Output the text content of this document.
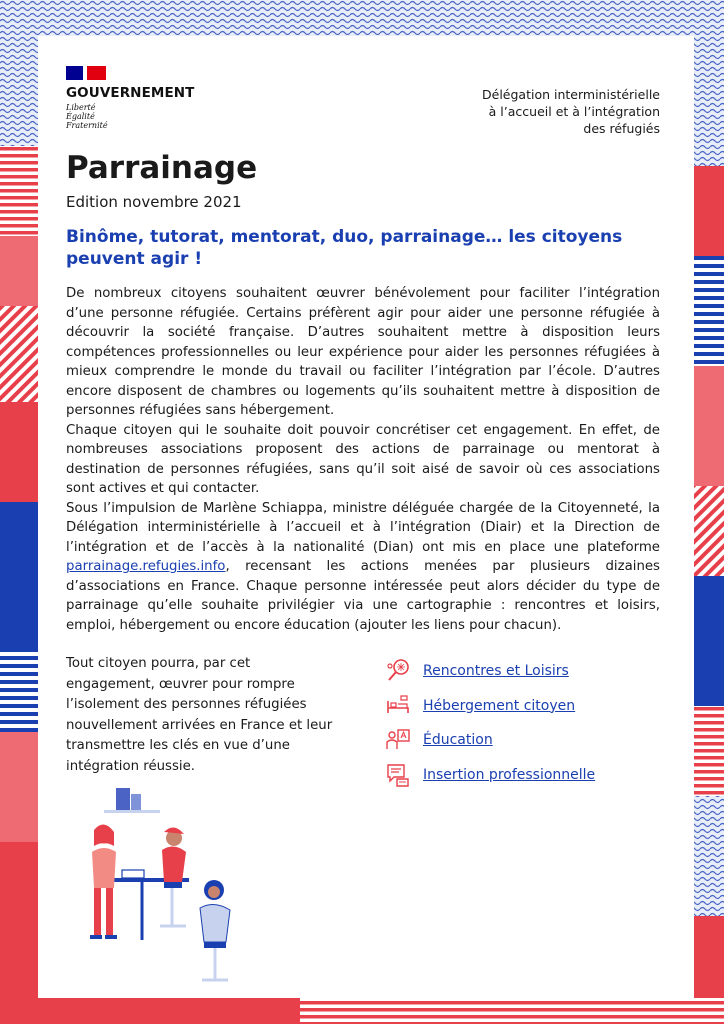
GOUVERNEMENT
Liberté
Égalité
Fraternité
Délégation interministérielle
à l’accueil et à l’intégration
des réfugiés
Parrainage
Edition novembre 2021
Binôme, tutorat, mentorat, duo, parrainage… les citoyens peuvent agir !

De nombreux citoyens souhaitent œuvrer bénévolement pour faciliter l’intégration d’une personne réfugiée. Certains préfèrent agir pour aider une personne réfugiée à découvrir la société française. D’autres souhaitent mettre à disposition leurs compétences professionnelles ou leur expérience pour aider les personnes réfugiées à mieux comprendre le monde du travail ou faciliter l’intégration par l’école. D’autres encore disposent de chambres ou logements qu’ils souhaitent mettre à disposition de personnes réfugiées sans hébergement.

Chaque citoyen qui le souhaite doit pouvoir concrétiser cet engagement. En effet, de nombreuses associations proposent des actions de parrainage ou mentorat à destination de personnes réfugiées, sans qu’il soit aisé de savoir où ces associations sont actives et qui contacter.

Sous l’impulsion de Marlène Schiappa, ministre déléguée chargée de la Citoyenneté, la Délégation interministérielle à l’accueil et à l’intégration (Diair) et la Direction de l’intégration et de l’accès à la nationalité (Dian) ont mis en place une plateforme parrainage.refugies.info, recensant les actions menées par plusieurs dizaines d’associations en France. Chaque personne intéressée peut alors décider du type de parrainage qu’elle souhaite privilégier via une cartographie : rencontres et loisirs, emploi, hébergement ou encore éducation (ajouter les liens pour chacun).

Tout citoyen pourra, par cet engagement, œuvrer pour rompre l’isolement des personnes réfugiées nouvellement arrivées en France et leur transmettre les clés en vue d’une intégration réussie.
Rencontres et Loisirs
Hébergement citoyen
Éducation
Insertion professionnelle
